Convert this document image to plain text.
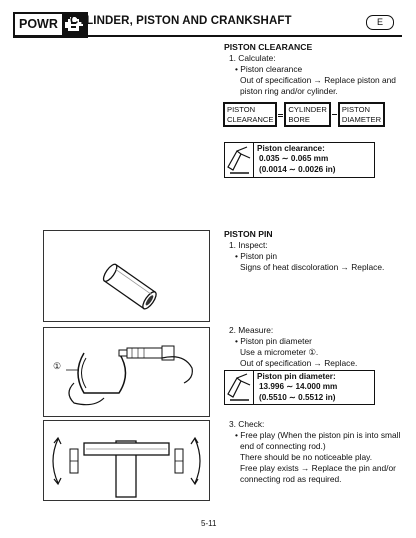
POWR	CYLINDER, PISTON AND CRANKSHAFT	E
PISTON CLEARANCE
1. Calculate:
• Piston clearance
Out of specification → Replace piston and
piston ring and/or cylinder.
PISTON
CLEARANCE
CYLINDER
BORE
PISTON
DIAMETER
Piston clearance:
0.035 ∼ 0.065 mm
(0.0014 ∼ 0.0026 in)
PISTON PIN
1. Inspect:
• Piston pin
Signs of heat discoloration → Replace.
2. Measure:
• Piston pin diameter
Use a micrometer ①.
Out of specification → Replace.
Piston pin diameter:
13.996 ∼ 14.000 mm
(0.5510 ∼ 0.5512 in)
3. Check:
• Free play (When the piston pin is into small
end of connecting rod.)
There should be no noticeable play.
Free play exists → Replace the pin and/or
connecting rod as required.
①
5-11
